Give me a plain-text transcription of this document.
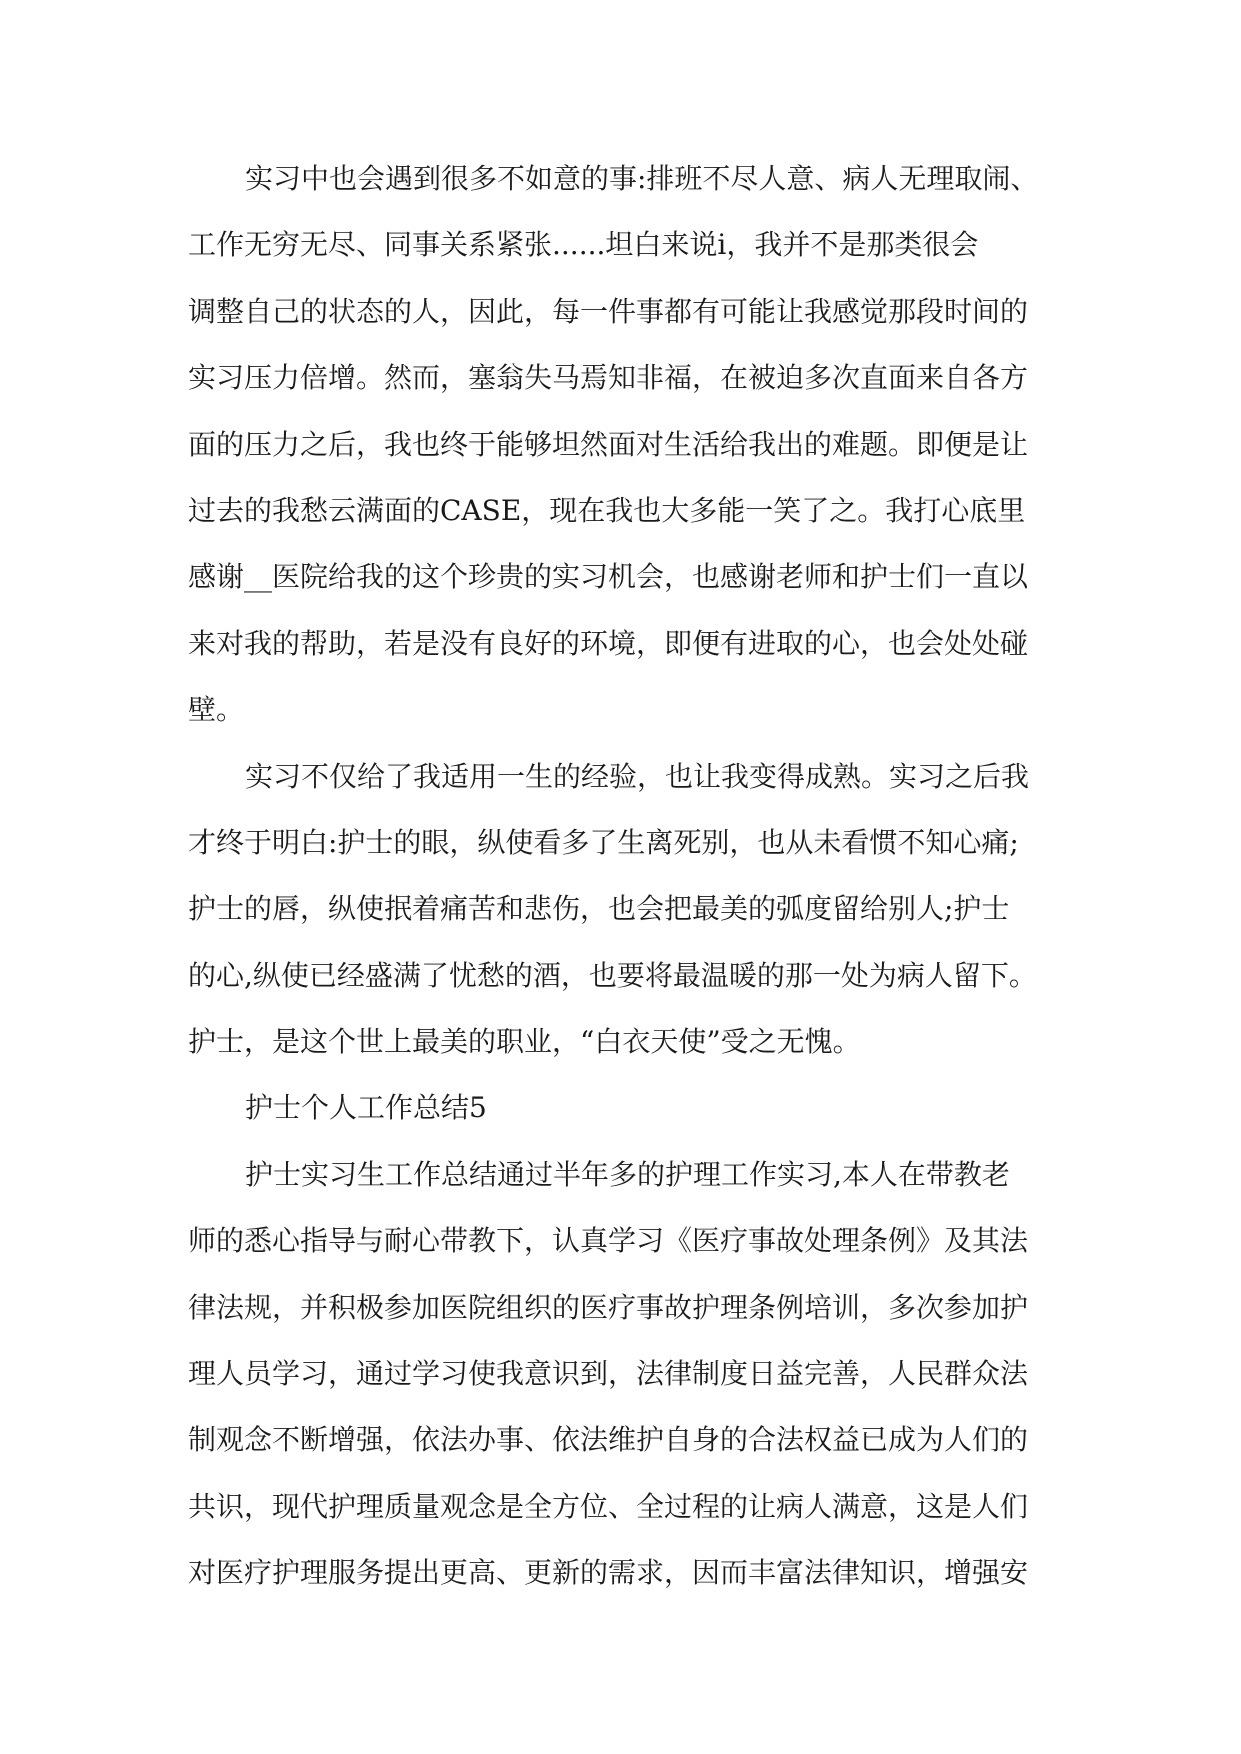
实习中也会遇到很多不如意的事:排班不尽人意、病人无理取闹、
工作无穷无尽、同事关系紧张......坦白来说i，我并不是那类很会
调整自己的状态的人，因此，每一件事都有可能让我感觉那段时间的
实习压力倍增。然而，塞翁失马焉知非福，在被迫多次直面来自各方
面的压力之后，我也终于能够坦然面对生活给我出的难题。即便是让
过去的我愁云满面的CASE，现在我也大多能一笑了之。我打心底里
感谢__医院给我的这个珍贵的实习机会，也感谢老师和护士们一直以
来对我的帮助，若是没有良好的环境，即便有进取的心，也会处处碰
壁。
实习不仅给了我适用一生的经验，也让我变得成熟。实习之后我
才终于明白:护士的眼，纵使看多了生离死别，也从未看惯不知心痛;
护士的唇，纵使抿着痛苦和悲伤，也会把最美的弧度留给别人;护士
的心,纵使已经盛满了忧愁的酒，也要将最温暖的那一处为病人留下。
护士，是这个世上最美的职业，“白衣天使”受之无愧。
护士个人工作总结5
护士实习生工作总结通过半年多的护理工作实习,本人在带教老
师的悉心指导与耐心带教下，认真学习《医疗事故处理条例》及其法
律法规，并积极参加医院组织的医疗事故护理条例培训，多次参加护
理人员学习，通过学习使我意识到，法律制度日益完善，人民群众法
制观念不断增强，依法办事、依法维护自身的合法权益已成为人们的
共识，现代护理质量观念是全方位、全过程的让病人满意，这是人们
对医疗护理服务提出更高、更新的需求，因而丰富法律知识，增强安
